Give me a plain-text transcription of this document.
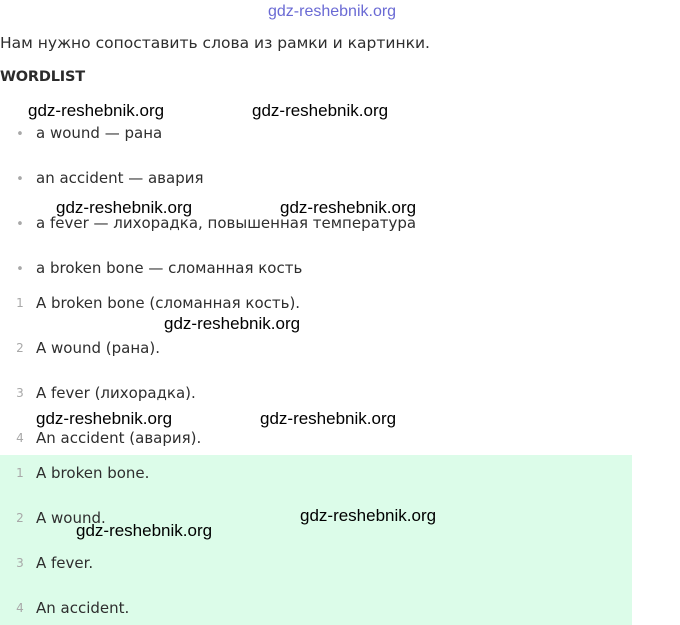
gdz-reshebnik.org
Нам нужно сопоставить слова из рамки и картинки.
WORDLIST
• a wound — рана
• an accident — авария
• a fever — лихорадка, повышенная температура
• a broken bone — сломанная кость
1 A broken bone (сломанная кость).
2 A wound (рана).
3 A fever (лихорадка).
4 An accident (авария).
1 A broken bone.
2 A wound.
3 A fever.
4 An accident.
gdz-reshebnik.org	gdz-reshebnik.org
gdz-reshebnik.org	gdz-reshebnik.org
gdz-reshebnik.org
gdz-reshebnik.org	gdz-reshebnik.org
gdz-reshebnik.org
gdz-reshebnik.org
